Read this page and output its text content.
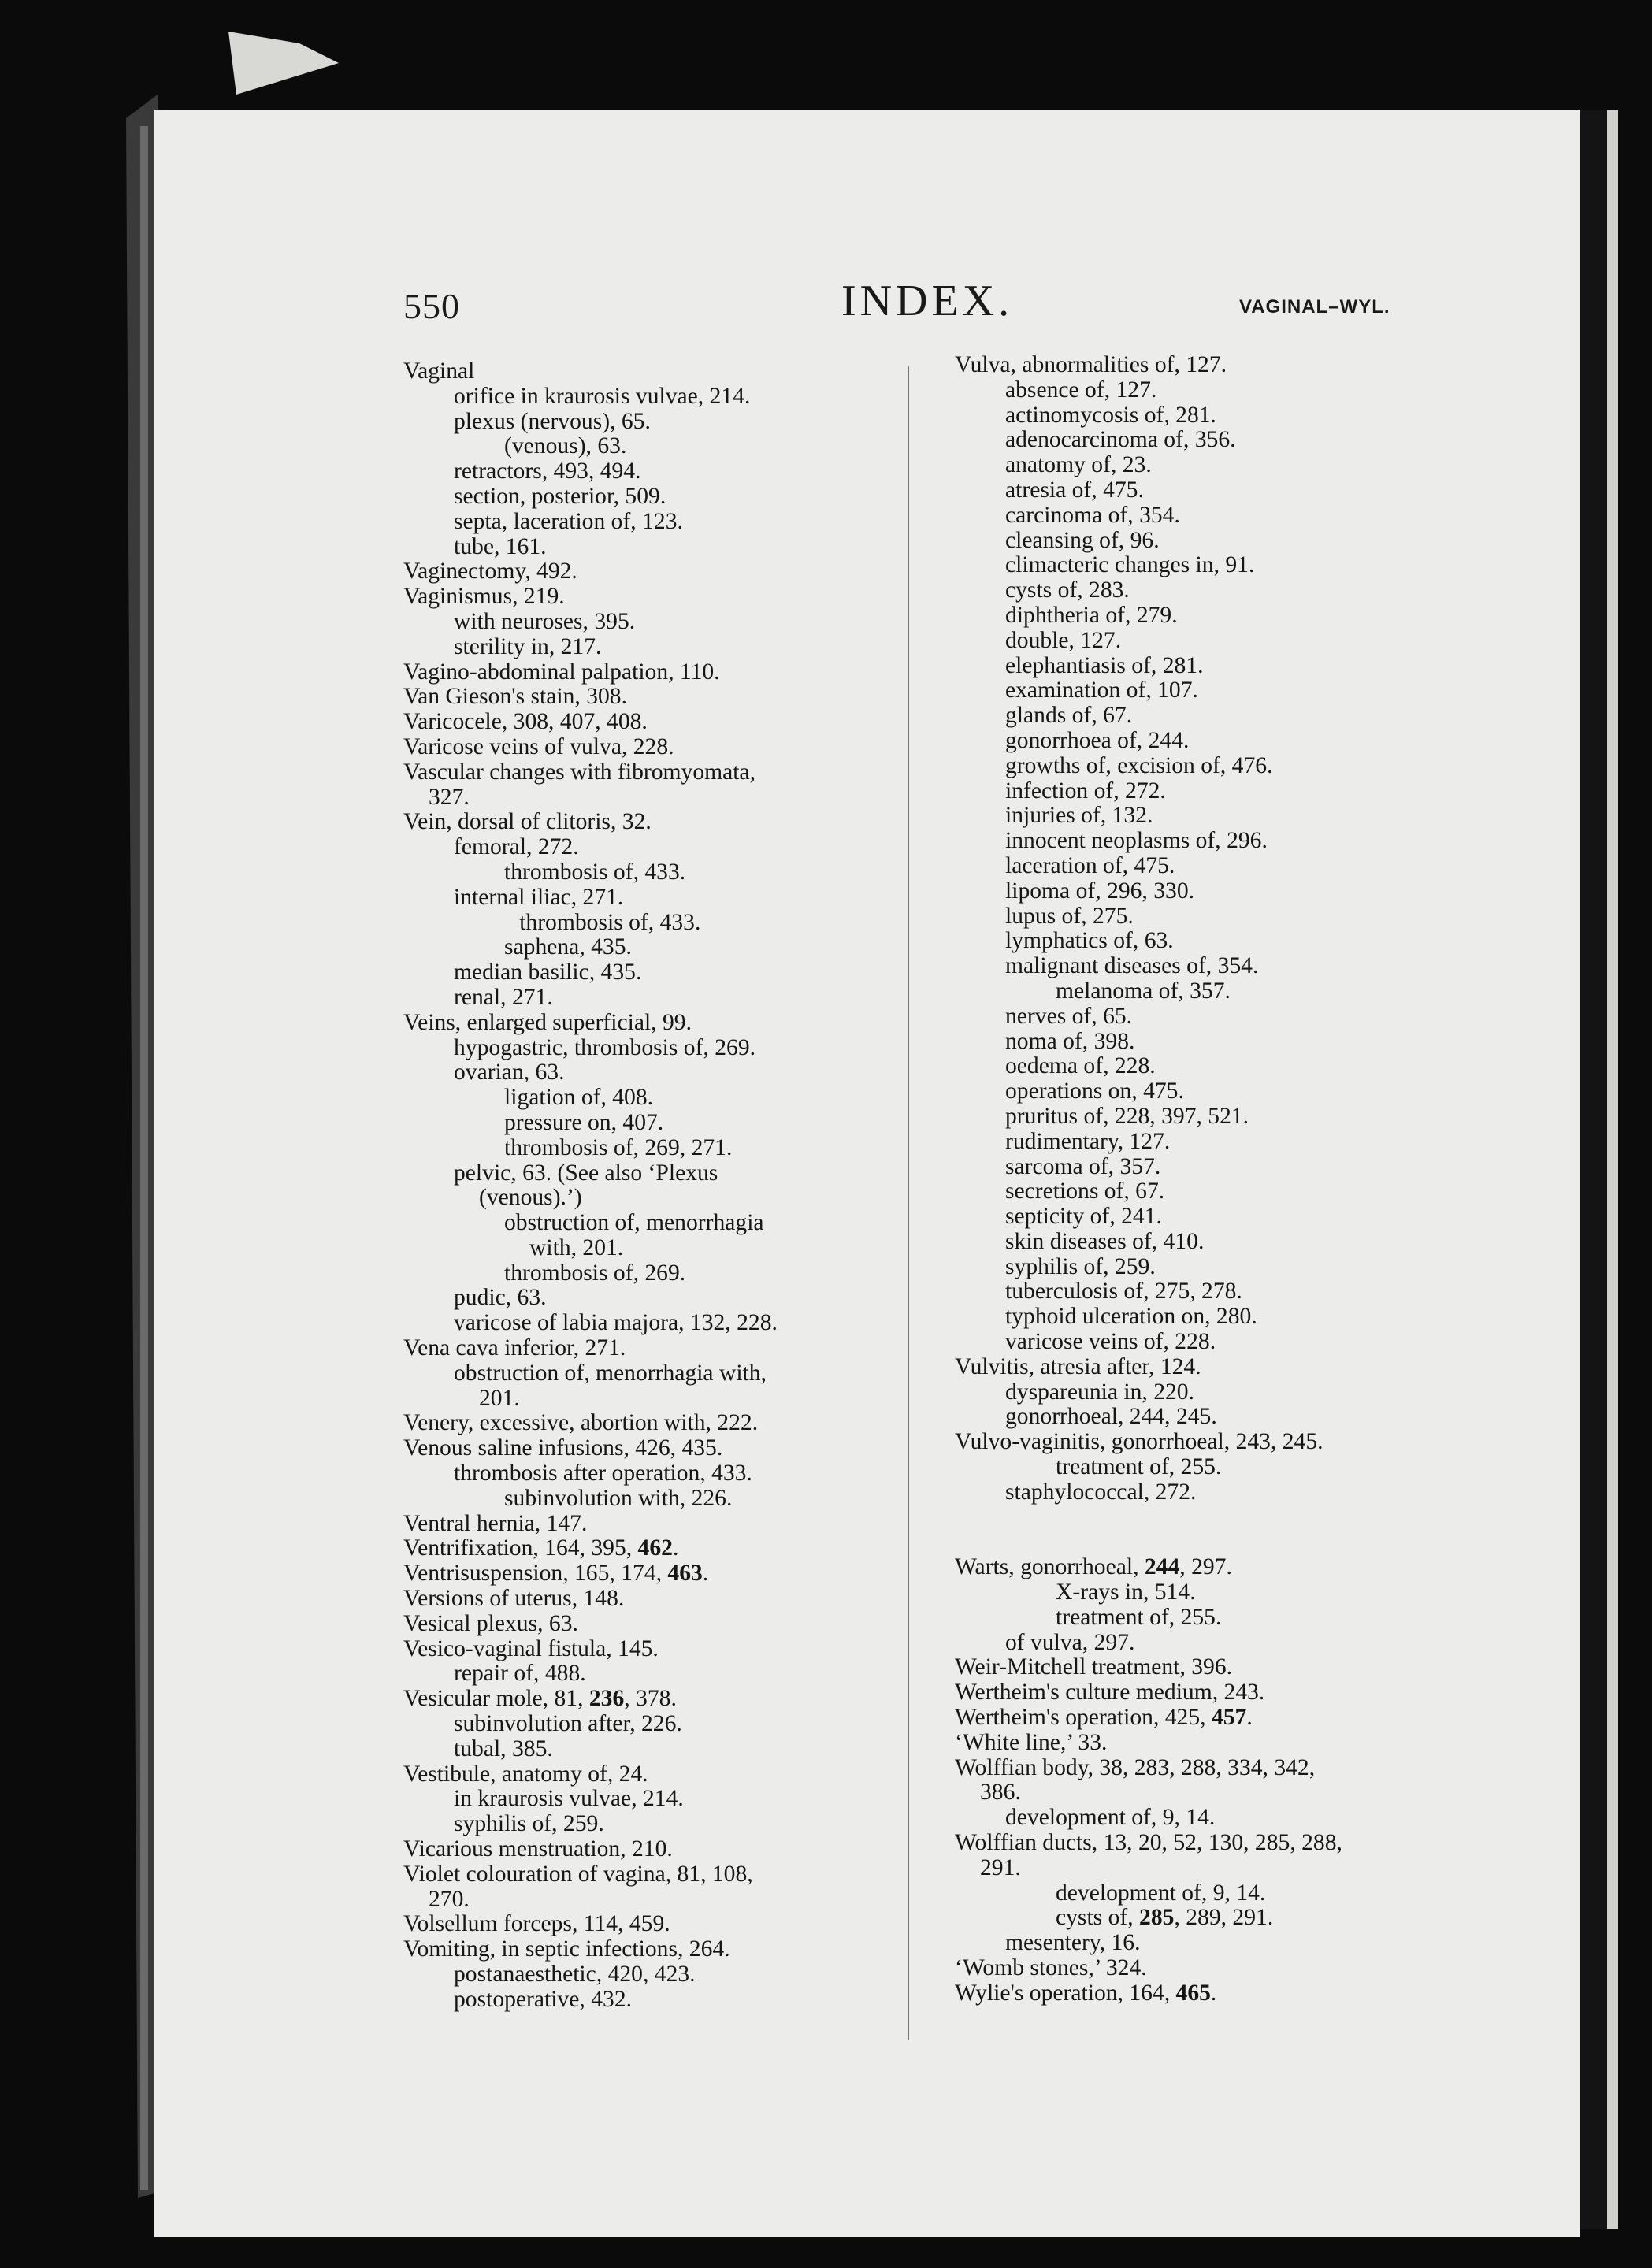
550	INDEX.	VAGINAL–WYL.
Vaginal
orifice in kraurosis vulvae, 214.
plexus (nervous), 65.
(venous), 63.
retractors, 493, 494.
section, posterior, 509.
septa, laceration of, 123.
tube, 161.
Vaginectomy, 492.
Vaginismus, 219.
with neuroses, 395.
sterility in, 217.
Vagino-abdominal palpation, 110.
Van Gieson's stain, 308.
Varicocele, 308, 407, 408.
Varicose veins of vulva, 228.
Vascular changes with fibromyomata,
327.
Vein, dorsal of clitoris, 32.
femoral, 272.
thrombosis of, 433.
internal iliac, 271.
thrombosis of, 433.
saphena, 435.
median basilic, 435.
renal, 271.
Veins, enlarged superficial, 99.
hypogastric, thrombosis of, 269.
ovarian, 63.
ligation of, 408.
pressure on, 407.
thrombosis of, 269, 271.
pelvic, 63. (See also ‘Plexus
(venous).’)
obstruction of, menorrhagia
with, 201.
thrombosis of, 269.
pudic, 63.
varicose of labia majora, 132, 228.
Vena cava inferior, 271.
obstruction of, menorrhagia with,
201.
Venery, excessive, abortion with, 222.
Venous saline infusions, 426, 435.
thrombosis after operation, 433.
subinvolution with, 226.
Ventral hernia, 147.
Ventrifixation, 164, 395, 462.
Ventrisuspension, 165, 174, 463.
Versions of uterus, 148.
Vesical plexus, 63.
Vesico-vaginal fistula, 145.
repair of, 488.
Vesicular mole, 81, 236, 378.
subinvolution after, 226.
tubal, 385.
Vestibule, anatomy of, 24.
in kraurosis vulvae, 214.
syphilis of, 259.
Vicarious menstruation, 210.
Violet colouration of vagina, 81, 108,
270.
Volsellum forceps, 114, 459.
Vomiting, in septic infections, 264.
postanaesthetic, 420, 423.
postoperative, 432.
Vulva, abnormalities of, 127.
absence of, 127.
actinomycosis of, 281.
adenocarcinoma of, 356.
anatomy of, 23.
atresia of, 475.
carcinoma of, 354.
cleansing of, 96.
climacteric changes in, 91.
cysts of, 283.
diphtheria of, 279.
double, 127.
elephantiasis of, 281.
examination of, 107.
glands of, 67.
gonorrhoea of, 244.
growths of, excision of, 476.
infection of, 272.
injuries of, 132.
innocent neoplasms of, 296.
laceration of, 475.
lipoma of, 296, 330.
lupus of, 275.
lymphatics of, 63.
malignant diseases of, 354.
melanoma of, 357.
nerves of, 65.
noma of, 398.
oedema of, 228.
operations on, 475.
pruritus of, 228, 397, 521.
rudimentary, 127.
sarcoma of, 357.
secretions of, 67.
septicity of, 241.
skin diseases of, 410.
syphilis of, 259.
tuberculosis of, 275, 278.
typhoid ulceration on, 280.
varicose veins of, 228.
Vulvitis, atresia after, 124.
dyspareunia in, 220.
gonorrhoeal, 244, 245.
Vulvo-vaginitis, gonorrhoeal, 243, 245.
treatment of, 255.
staphylococcal, 272.
Warts, gonorrhoeal, 244, 297.
X-rays in, 514.
treatment of, 255.
of vulva, 297.
Weir-Mitchell treatment, 396.
Wertheim's culture medium, 243.
Wertheim's operation, 425, 457.
‘White line,’ 33.
Wolffian body, 38, 283, 288, 334, 342,
386.
development of, 9, 14.
Wolffian ducts, 13, 20, 52, 130, 285, 288,
291.
development of, 9, 14.
cysts of, 285, 289, 291.
mesentery, 16.
‘Womb stones,’ 324.
Wylie's operation, 164, 465.
